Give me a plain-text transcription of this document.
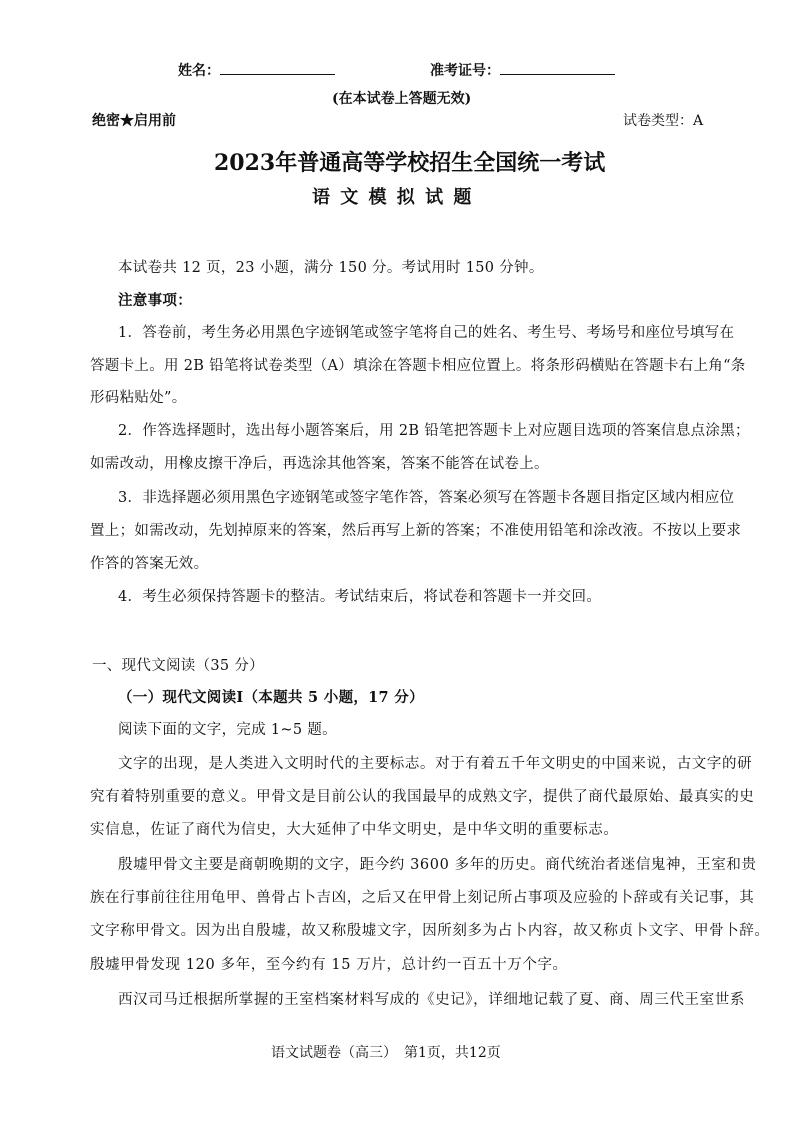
姓名：	准考证号：
(在本试卷上答题无效)
绝密★启用前	试卷类型：A
2023年普通高等学校招生全国统一考试
语 文 模 拟 试 题
本试卷共 12 页，23 小题，满分 150 分。考试用时 150 分钟。
注意事项：
1．答卷前，考生务必用黑色字迹钢笔或签字笔将自己的姓名、考生号、考场号和座位号填写在
答题卡上。用 2B 铅笔将试卷类型（A）填涂在答题卡相应位置上。将条形码横贴在答题卡右上角“条
形码粘贴处”。
2．作答选择题时，选出每小题答案后，用 2B 铅笔把答题卡上对应题目选项的答案信息点涂黑；
如需改动，用橡皮擦干净后，再选涂其他答案，答案不能答在试卷上。
3．非选择题必须用黑色字迹钢笔或签字笔作答，答案必须写在答题卡各题目指定区域内相应位
置上；如需改动，先划掉原来的答案，然后再写上新的答案；不准使用铅笔和涂改液。不按以上要求
作答的答案无效。
4．考生必须保持答题卡的整洁。考试结束后，将试卷和答题卡一并交回。
一、现代文阅读（35 分）
（一）现代文阅读Ⅰ（本题共 5 小题，17 分）
阅读下面的文字，完成 1~5 题。
文字的出现，是人类进入文明时代的主要标志。对于有着五千年文明史的中国来说，古文字的研
究有着特别重要的意义。甲骨文是目前公认的我国最早的成熟文字，提供了商代最原始、最真实的史
实信息，佐证了商代为信史，大大延伸了中华文明史，是中华文明的重要标志。
殷墟甲骨文主要是商朝晚期的文字，距今约 3600 多年的历史。商代统治者迷信鬼神，王室和贵
族在行事前往往用龟甲、兽骨占卜吉凶，之后又在甲骨上刻记所占事项及应验的卜辞或有关记事，其
文字称甲骨文。因为出自殷墟，故又称殷墟文字，因所刻多为占卜内容，故又称贞卜文字、甲骨卜辞。
殷墟甲骨发现 120 多年，至今约有 15 万片，总计约一百五十万个字。
西汉司马迁根据所掌握的王室档案材料写成的《史记》，详细地记载了夏、商、周三代王室世系
语文试题卷（高三）　第1页，共12页
